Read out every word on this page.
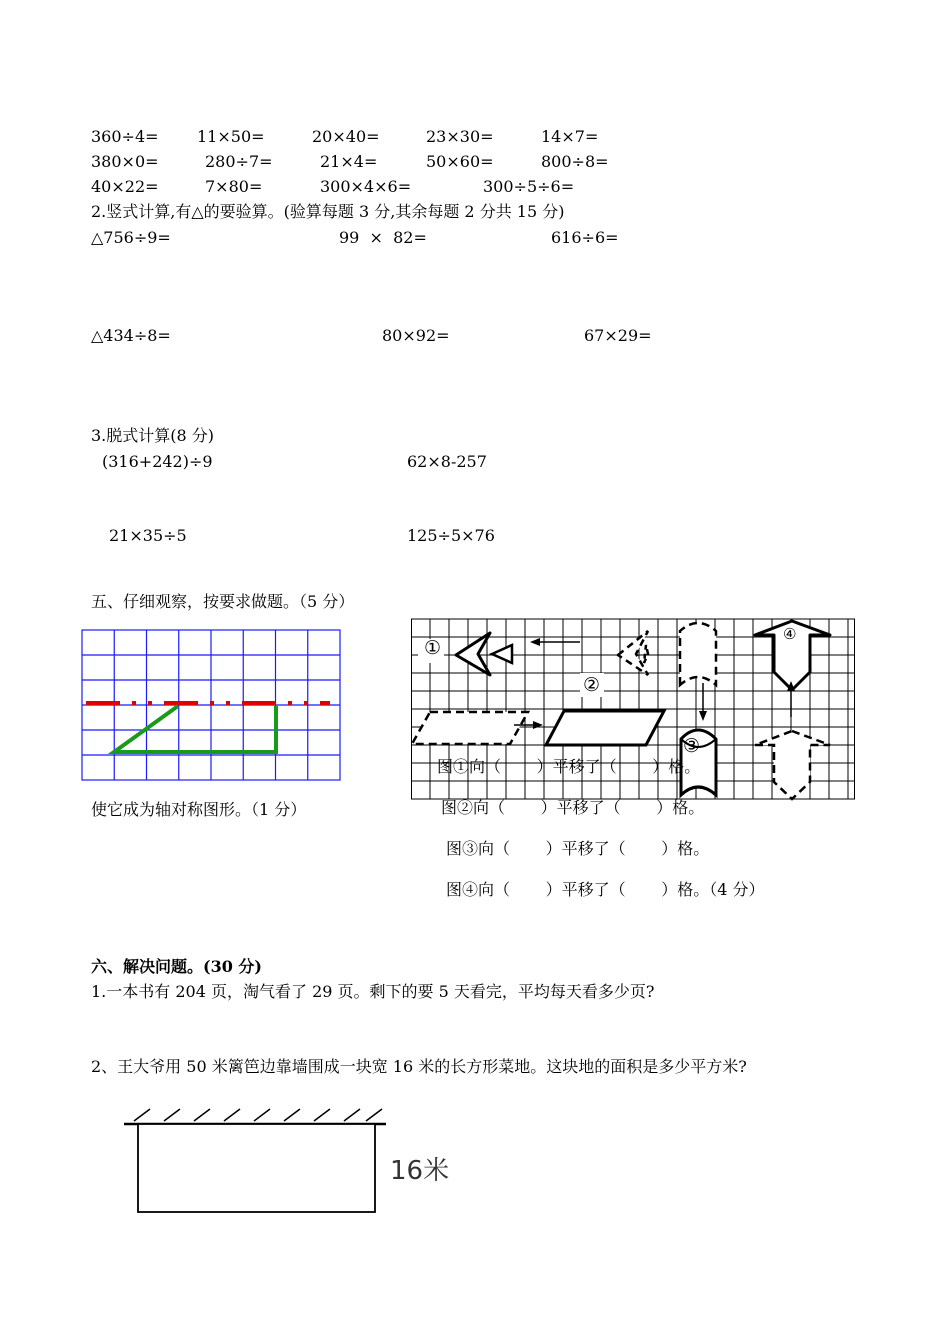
360÷4= 11×50=	20×40=	23×30=	14×7=
380×0=	280÷7=	21×4=	50×60=	800÷8=
40×22=	7×80=	300×4×6=	300÷5÷6=
2.竖式计算,有△的要验算。(验算每题 3 分,其余每题 2 分共 15 分)
△756÷9=	99  ×  82=	616÷6=
△434÷8=	80×92=	67×29=
3.脱式计算(8 分)
(316+242)÷9	62×8-257
21×35÷5	125÷5×76
五、仔细观察，按要求做题。（5 分）
使它成为轴对称图形。（1 分）
①
②
③
④
图①向（       ）平移了（       ）格。
图②向（       ）平移了（       ）格。
图③向（       ）平移了（       ）格。
图④向（       ）平移了（       ）格。（4 分）
六、解决问题。(30 分)
1.一本书有 204 页，淘气看了 29 页。剩下的要 5 天看完，平均每天看多少页?
2、王大爷用 50 米篱笆边靠墙围成一块宽 16 米的长方形菜地。这块地的面积是多少平方米?
16米
